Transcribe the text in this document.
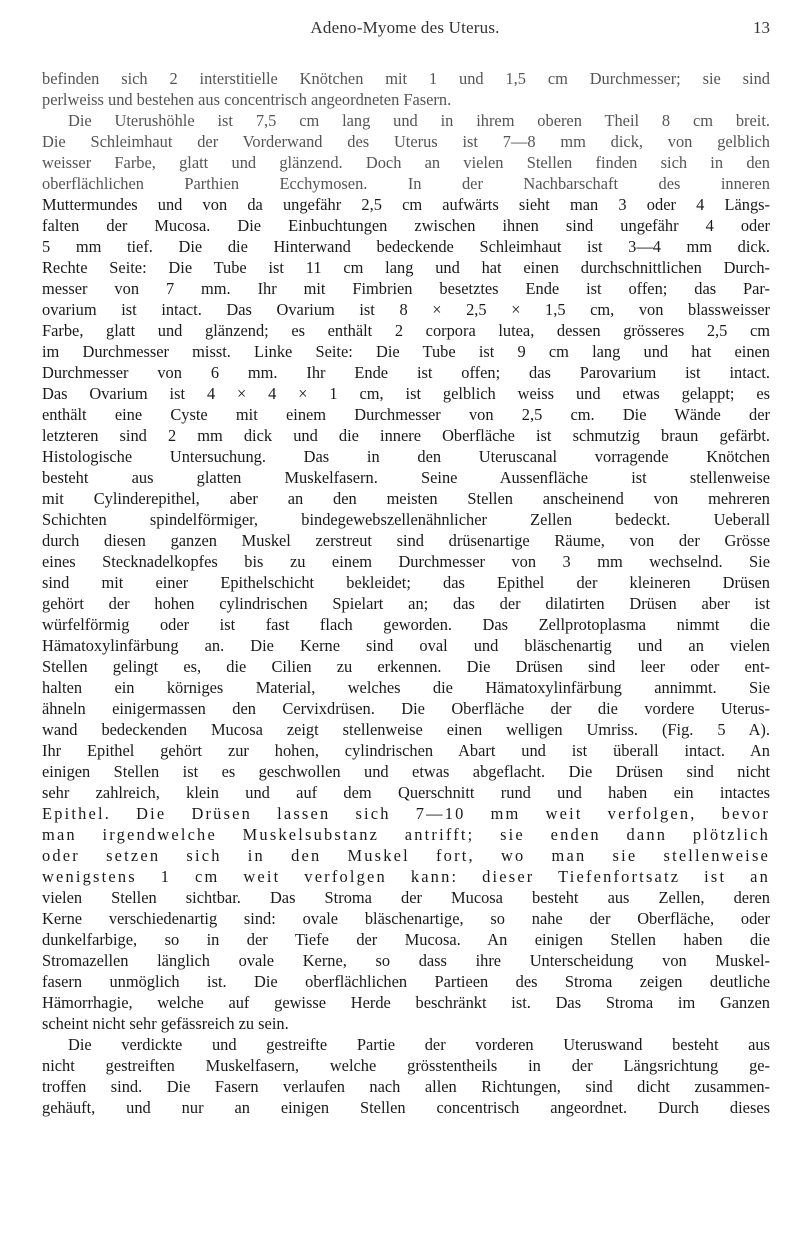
Adeno-Myome des Uterus.	13
befinden sich 2 interstitielle Knötchen mit 1 und 1,5 cm Durchmesser; sie sind
perlweiss und bestehen aus concentrisch angeordneten Fasern.
Die Uterushöhle ist 7,5 cm lang und in ihrem oberen Theil 8 cm breit.
Die Schleimhaut der Vorderwand des Uterus ist 7—8 mm dick, von gelblich
weisser Farbe, glatt und glänzend. Doch an vielen Stellen finden sich in den
oberflächlichen Parthien Ecchymosen. In der Nachbarschaft des inneren
Muttermundes und von da ungefähr 2,5 cm aufwärts sieht man 3 oder 4 Längs-
falten der Mucosa. Die Einbuchtungen zwischen ihnen sind ungefähr 4 oder
5 mm tief. Die die Hinterwand bedeckende Schleimhaut ist 3—4 mm dick.
Rechte Seite: Die Tube ist 11 cm lang und hat einen durchschnittlichen Durch-
messer von 7 mm. Ihr mit Fimbrien besetztes Ende ist offen; das Par-
ovarium ist intact. Das Ovarium ist 8 × 2,5 × 1,5 cm, von blassweisser
Farbe, glatt und glänzend; es enthält 2 corpora lutea, dessen grösseres 2,5 cm
im Durchmesser misst. Linke Seite: Die Tube ist 9 cm lang und hat einen
Durchmesser von 6 mm. Ihr Ende ist offen; das Parovarium ist intact.
Das Ovarium ist 4 × 4 × 1 cm, ist gelblich weiss und etwas gelappt; es
enthält eine Cyste mit einem Durchmesser von 2,5 cm. Die Wände der
letzteren sind 2 mm dick und die innere Oberfläche ist schmutzig braun gefärbt.
Histologische Untersuchung. Das in den Uteruscanal vorragende Knötchen
besteht aus glatten Muskelfasern. Seine Aussenfläche ist stellenweise
mit Cylinderepithel, aber an den meisten Stellen anscheinend von mehreren
Schichten spindelförmiger, bindegewebszellenähnlicher Zellen bedeckt. Ueberall
durch diesen ganzen Muskel zerstreut sind drüsenartige Räume, von der Grösse
eines Stecknadelkopfes bis zu einem Durchmesser von 3 mm wechselnd. Sie
sind mit einer Epithelschicht bekleidet; das Epithel der kleineren Drüsen
gehört der hohen cylindrischen Spielart an; das der dilatirten Drüsen aber ist
würfelförmig oder ist fast flach geworden. Das Zellprotoplasma nimmt die
Hämatoxylinfärbung an. Die Kerne sind oval und bläschenartig und an vielen
Stellen gelingt es, die Cilien zu erkennen. Die Drüsen sind leer oder ent-
halten ein körniges Material, welches die Hämatoxylinfärbung annimmt. Sie
ähneln einigermassen den Cervixdrüsen. Die Oberfläche der die vordere Uterus-
wand bedeckenden Mucosa zeigt stellenweise einen welligen Umriss. (Fig. 5 A).
Ihr Epithel gehört zur hohen, cylindrischen Abart und ist überall intact. An
einigen Stellen ist es geschwollen und etwas abgeflacht. Die Drüsen sind nicht
sehr zahlreich, klein und auf dem Querschnitt rund und haben ein intactes
Epithel. Die Drüsen lassen sich 7—10 mm weit verfolgen, bevor
man irgendwelche Muskelsubstanz antrifft; sie enden dann plötzlich
oder setzen sich in den Muskel fort, wo man sie stellenweise
wenigstens 1 cm weit verfolgen kann: dieser Tiefenfortsatz ist an
vielen Stellen sichtbar. Das Stroma der Mucosa besteht aus Zellen, deren
Kerne verschiedenartig sind: ovale bläschenartige, so nahe der Oberfläche, oder
dunkelfarbige, so in der Tiefe der Mucosa. An einigen Stellen haben die
Stromazellen länglich ovale Kerne, so dass ihre Unterscheidung von Muskel-
fasern unmöglich ist. Die oberflächlichen Partieen des Stroma zeigen deutliche
Hämorrhagie, welche auf gewisse Herde beschränkt ist. Das Stroma im Ganzen
scheint nicht sehr gefässreich zu sein.
Die verdickte und gestreifte Partie der vorderen Uteruswand besteht aus
nicht gestreiften Muskelfasern, welche grösstentheils in der Längsrichtung ge-
troffen sind. Die Fasern verlaufen nach allen Richtungen, sind dicht zusammen-
gehäuft, und nur an einigen Stellen concentrisch angeordnet. Durch dieses
